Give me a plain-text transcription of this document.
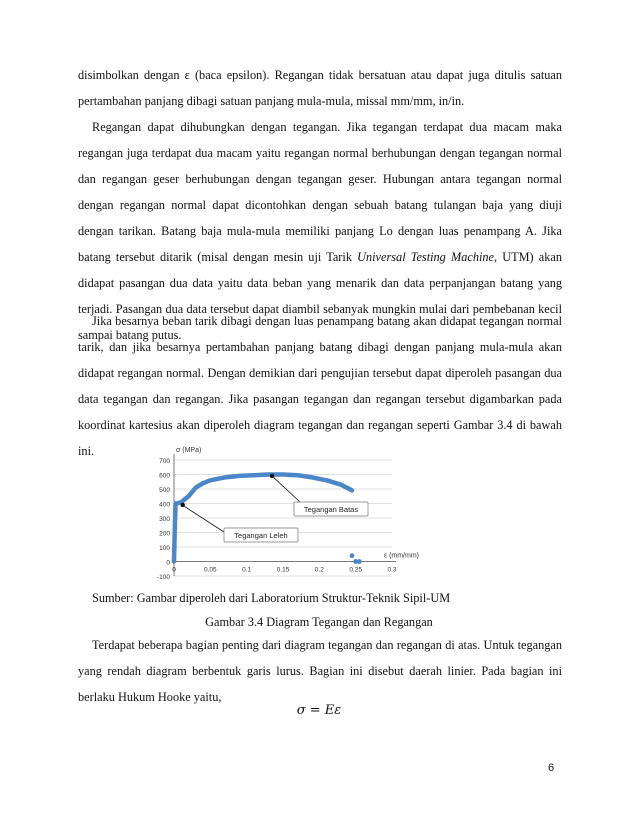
disimbolkan dengan ε (baca epsilon). Regangan tidak bersatuan atau dapat juga ditulis satuan

pertambahan panjang dibagi satuan panjang mula-mula, missal mm/mm, in/in.

Regangan dapat dihubungkan dengan tegangan. Jika tegangan terdapat dua macam maka regangan juga terdapat dua macam yaitu regangan normal berhubungan dengan tegangan normal dan regangan geser berhubungan dengan tegangan geser. Hubungan antara tegangan normal dengan regangan normal dapat dicontohkan dengan sebuah batang tulangan baja yang diuji dengan tarikan. Batang baja mula-mula memiliki panjang Lo dengan luas penampang A. Jika batang tersebut ditarik (misal dengan mesin uji Tarik Universal Testing Machine, UTM) akan didapat pasangan dua data yaitu data beban yang menarik dan data perpanjangan batang yang terjadi. Pasangan dua data tersebut dapat diambil sebanyak mungkin mulai dari pembebanan kecil sampai batang putus.

Jika besarnya beban tarik dibagi dengan luas penampang batang akan didapat tegangan normal tarik, dan jika besarnya pertambahan panjang batang dibagi dengan panjang mula-mula akan didapat regangan normal. Dengan demikian dari pengujian tersebut dapat diperoleh pasangan dua data tegangan dan regangan. Jika pasangan tegangan dan regangan tersebut digambarkan pada koordinat kartesius akan diperoleh diagram tegangan dan regangan seperti Gambar 3.4 di bawah ini.

700
600
500
400
300
200
100
0
-100
0	0.05	0.1	0.15	0.2	0.25	0.3
σ (MPa)
ε (mm/mm)
Tegangan Leleh
Tegangan Batas
Sumber: Gambar diperoleh dari Laboratorium Struktur-Teknik Sipil-UM
Gambar 3.4 Diagram Tegangan dan Regangan

Terdapat beberapa bagian penting dari diagram tegangan dan regangan di atas. Untuk tegangan yang rendah diagram berbentuk garis lurus. Bagian ini disebut daerah linier. Pada bagian ini berlaku Hukum Hooke yaitu,

σ = Eε
6
